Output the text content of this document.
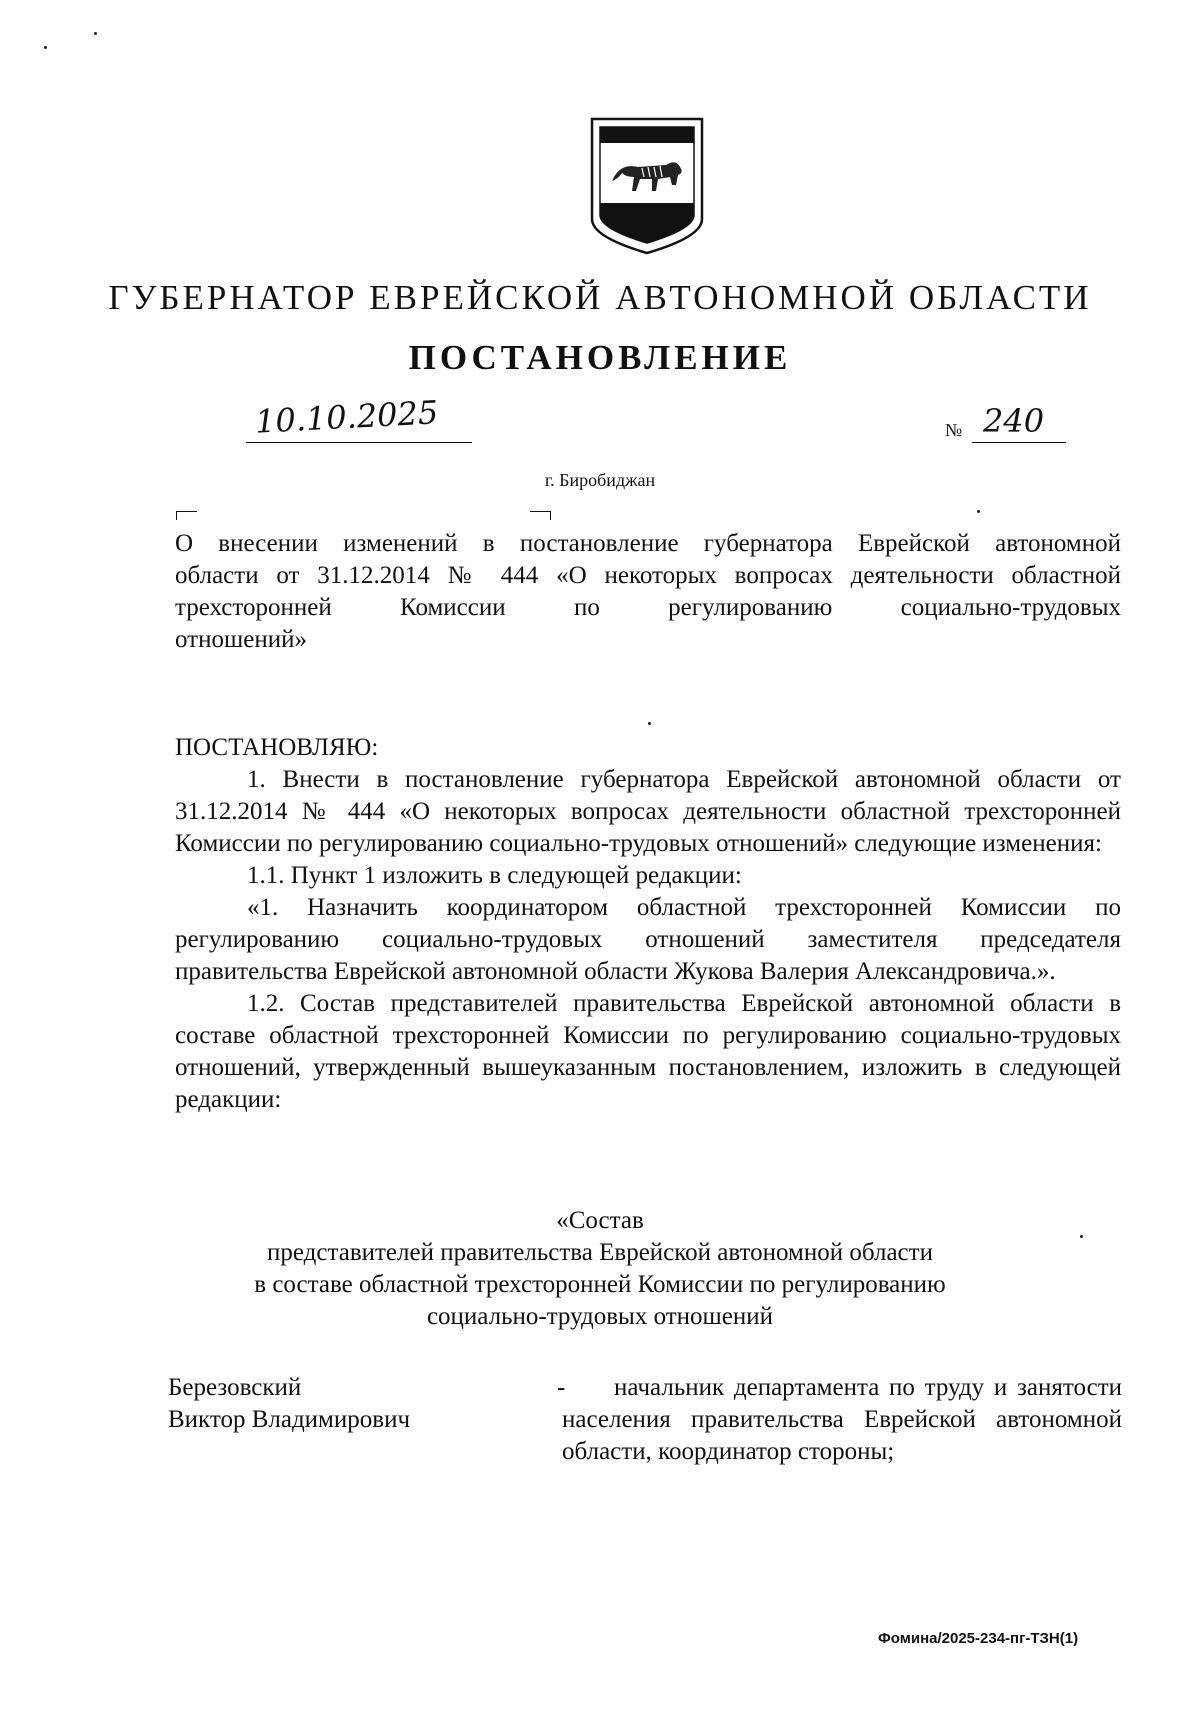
ГУБЕРНАТОР ЕВРЕЙСКОЙ АВТОНОМНОЙ ОБЛАСТИ
ПОСТАНОВЛЕНИЕ
10.10.2025	№ 240
г. Биробиджан
О внесении изменений в постановление губернатора Еврейской автономной
области от 31.12.2014 № 444 «О некоторых вопросах деятельности областной
трехсторонней Комиссии по регулированию социально-трудовых
отношений»
ПОСТАНОВЛЯЮ:
1. Внести в постановление губернатора Еврейской автономной области от 31.12.2014 № 444 «О некоторых вопросах деятельности областной трехсторонней Комиссии по регулированию социально-трудовых отношений» следующие изменения:
1.1. Пункт 1 изложить в следующей редакции:
«1. Назначить координатором областной трехсторонней Комиссии по регулированию социально-трудовых отношений заместителя председателя правительства Еврейской автономной области Жукова Валерия Александровича.».
1.2. Состав представителей правительства Еврейской автономной области в составе областной трехсторонней Комиссии по регулированию социально-трудовых отношений, утвержденный вышеуказанным постановлением, изложить в следующей редакции:
«Состав
представителей правительства Еврейской автономной области
в составе областной трехсторонней Комиссии по регулированию
социально-трудовых отношений
Березовский
Виктор Владимирович
-	начальник департамента по труду и занятости населения правительства Еврейской автономной области, координатор стороны;
Фомина/2025-234-пг-ТЗН(1)
